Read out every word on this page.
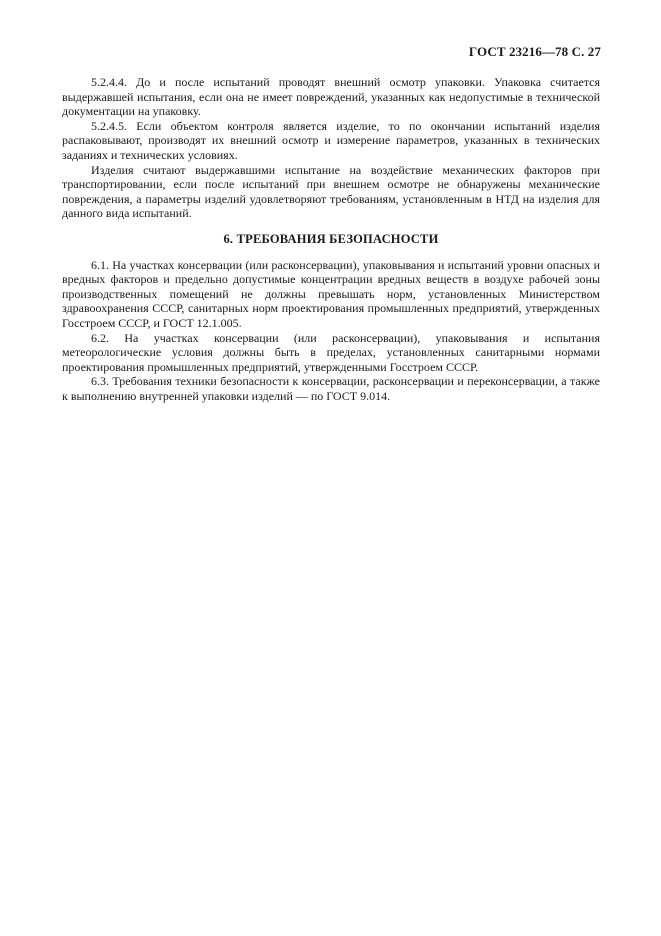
ГОСТ 23216—78 С. 27

5.2.4.4. До и после испытаний проводят внешний осмотр упаковки. Упаковка считается выдержавшей испытания, если она не имеет повреждений, указанных как недопустимые в технической документации на упаковку.

5.2.4.5. Если объектом контроля является изделие, то по окончании испытаний изделия распаковывают, производят их внешний осмотр и измерение параметров, указанных в технических заданиях и технических условиях.

Изделия считают выдержавшими испытание на воздействие механических факторов при транспортировании, если после испытаний при внешнем осмотре не обнаружены механические повреждения, а параметры изделий удовлетворяют требованиям, установленным в НТД на изделия для данного вида испытаний.

6. ТРЕБОВАНИЯ БЕЗОПАСНОСТИ

6.1. На участках консервации (или расконсервации), упаковывания и испытаний уровни опасных и вредных факторов и предельно допустимые концентрации вредных веществ в воздухе рабочей зоны производственных помещений не должны превышать норм, установленных Министерством здравоохранения СССР, санитарных норм проектирования промышленных предприятий, утвержденных Госстроем СССР, и ГОСТ 12.1.005.

6.2. На участках консервации (или расконсервации), упаковывания и испытания метеорологические условия должны быть в пределах, установленных санитарными нормами проектирования промышленных предприятий, утвержденными Госстроем СССР.

6.3. Требования техники безопасности к консервации, расконсервации и переконсервации, а также к выполнению внутренней упаковки изделий — по ГОСТ 9.014.
